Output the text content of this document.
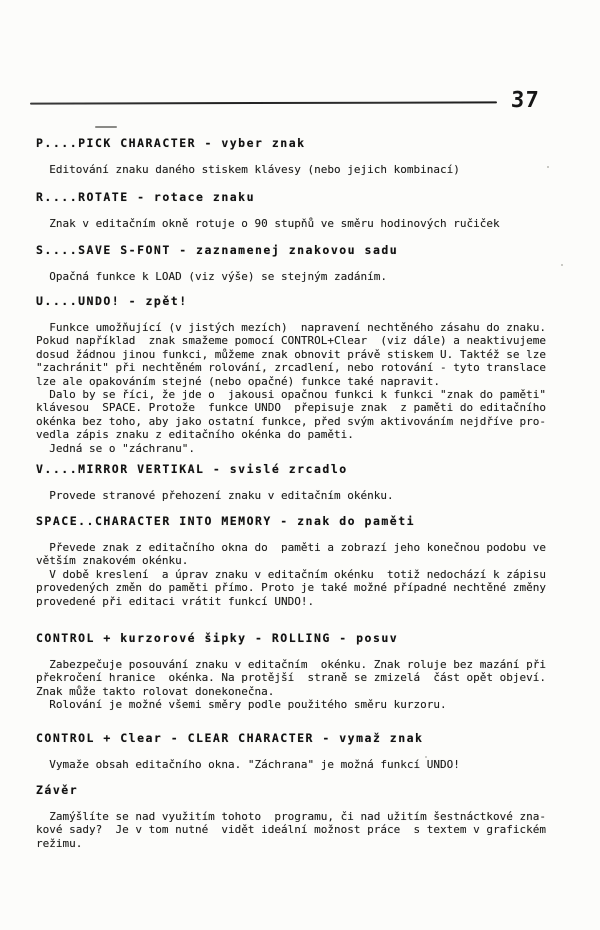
37
P....PICK CHARACTER - vyber znak
Editování znaku daného stiskem klávesy (nebo jejich kombinací)
R....ROTATE - rotace znaku
Znak v editačním okně rotuje o 90 stupňů ve směru hodinových ručiček
S....SAVE S-FONT - zaznamenej znakovou sadu
Opačná funkce k LOAD (viz výše) se stejným zadáním.
U....UNDO! - zpět!
Funkce umožňující (v jistých mezích)  napravení nechtěného zásahu do znaku.
Pokud například  znak smažeme pomocí CONTROL+Clear  (viz dále) a neaktivujeme
dosud žádnou jinou funkci, můžeme znak obnovit právě stiskem U. Taktéž se lze
"zachránit" při nechtěném rolování, zrcadlení, nebo rotování - tyto translace
lze ale opakováním stejné (nebo opačné) funkce také napravit.
Dalo by se říci, že jde o  jakousi opačnou funkci k funkci "znak do paměti"
klávesou  SPACE. Protože  funkce UNDO  přepisuje znak  z paměti do editačního
okénka bez toho, aby jako ostatní funkce, před svým aktivováním nejdříve pro-
vedla zápis znaku z editačního okénka do paměti.
Jedná se o "záchranu".
V....MIRROR VERTIKAL - svislé zrcadlo
Provede stranové přehození znaku v editačním okénku.
SPACE..CHARACTER INTO MEMORY - znak do paměti
Převede znak z editačního okna do  paměti a zobrazí jeho konečnou podobu ve
větším znakovém okénku.
V době kreslení  a úprav znaku v editačním okénku  totiž nedochází k zápisu
provedených změn do paměti přímo. Proto je také možné případné nechtěné změny
provedené při editaci vrátit funkcí UNDO!.
CONTROL + kurzorové šipky - ROLLING - posuv
Zabezpečuje posouvání znaku v editačním  okénku. Znak roluje bez mazání při
překročení hranice  okénka. Na protější  straně se zmizelá  část opět objeví.
Znak může takto rolovat donekonečna.
Rolování je možné všemi směry podle použitého směru kurzoru.
CONTROL + Clear - CLEAR CHARACTER - vymaž znak
Vymaže obsah editačního okna. "Záchrana" je možná funkcí UNDO!
Závěr
Zamýšlíte se nad využitím tohoto  programu, či nad užitím šestnáctkové zna-
kové sady?  Je v tom nutné  vidět ideální možnost práce  s textem v grafickém
režimu.
